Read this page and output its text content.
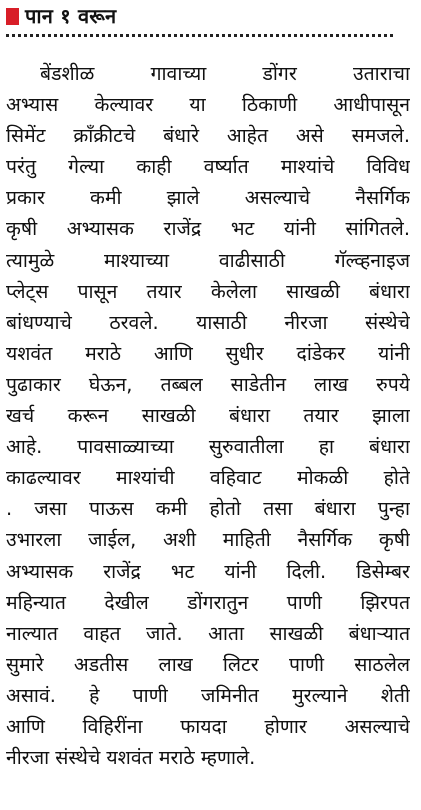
पान १ वरून
बेंडशीळ गावाच्या डोंगर उताराचा
अभ्यास केल्यावर या ठिकाणी आधीपासून
सिमेंट क्राँक्रीटचे बंधारे आहेत असे समजले.
परंतु गेल्या काही वर्ष्यात माश्यांचे विविध
प्रकार कमी झाले असल्याचे नैसर्गिक
कृषी अभ्यासक राजेंद्र भट यांनी सांगितले.
त्यामुळे माश्याच्या वाढीसाठी गॅल्व्हनाइज
प्लेट्स पासून तयार केलेला साखळी बंधारा
बांधण्याचे ठरवले. यासाठी नीरजा संस्थेचे
यशवंत मराठे आणि सुधीर दांडेकर यांनी
पुढाकार घेऊन, तब्बल साडेतीन लाख रुपये
खर्च करून साखळी बंधारा तयार झाला
आहे. पावसाळ्याच्या सुरुवातीला हा बंधारा
काढल्यावर माश्यांची वहिवाट मोकळी होते
. जसा पाऊस कमी होतो तसा बंधारा पुन्हा
उभारला जाईल, अशी माहिती नैसर्गिक कृषी
अभ्यासक राजेंद्र भट यांनी दिली. डिसेम्बर
महिन्यात देखील डोंगरातुन पाणी झिरपत
नाल्यात वाहत जाते. आता साखळी बंधाऱ्यात
सुमारे अडतीस लाख लिटर पाणी साठलेल
असावं. हे पाणी जमिनीत मुरल्याने शेती
आणि विहिरींना फायदा होणार असल्याचे
नीरजा संस्थेचे यशवंत मराठे म्हणाले.
